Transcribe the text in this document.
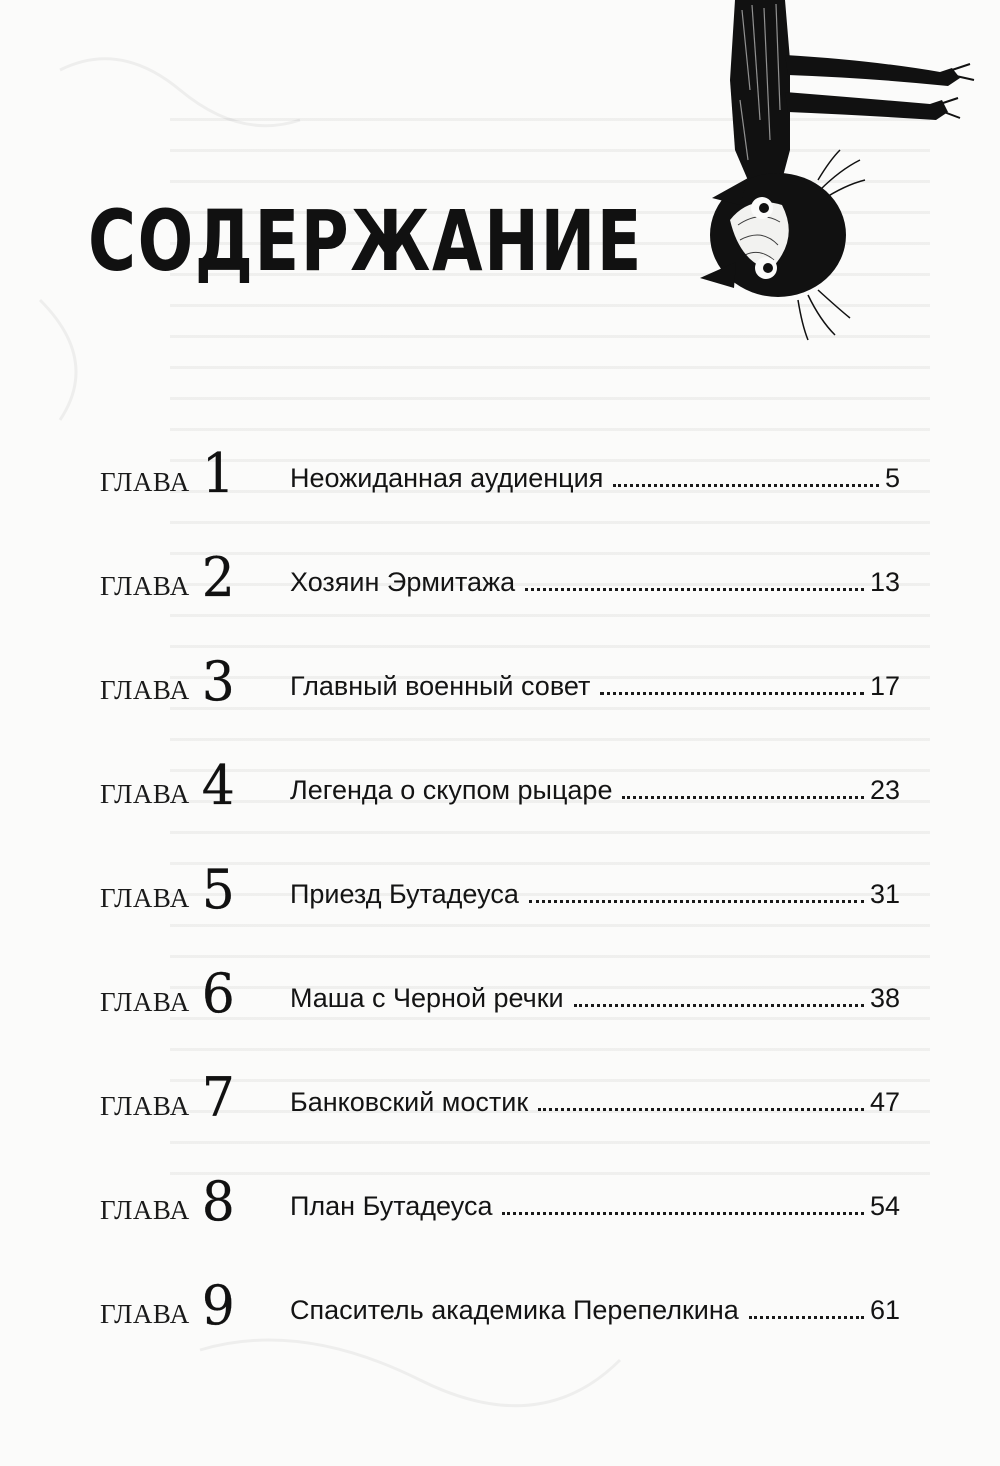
СОДЕРЖАНИЕ
ГЛАВА 1 Неожиданная аудиенция	5
ГЛАВА 2 Хозяин Эрмитажа	13
ГЛАВА 3 Главный военный совет	17
ГЛАВА 4 Легенда о скупом рыцаре	23
ГЛАВА 5 Приезд Бутадеуса	31
ГЛАВА 6 Маша с Черной речки	38
ГЛАВА 7 Банковский мостик	47
ГЛАВА 8 План Бутадеуса	54
ГЛАВА 9 Спаситель академика Перепелкина	61
